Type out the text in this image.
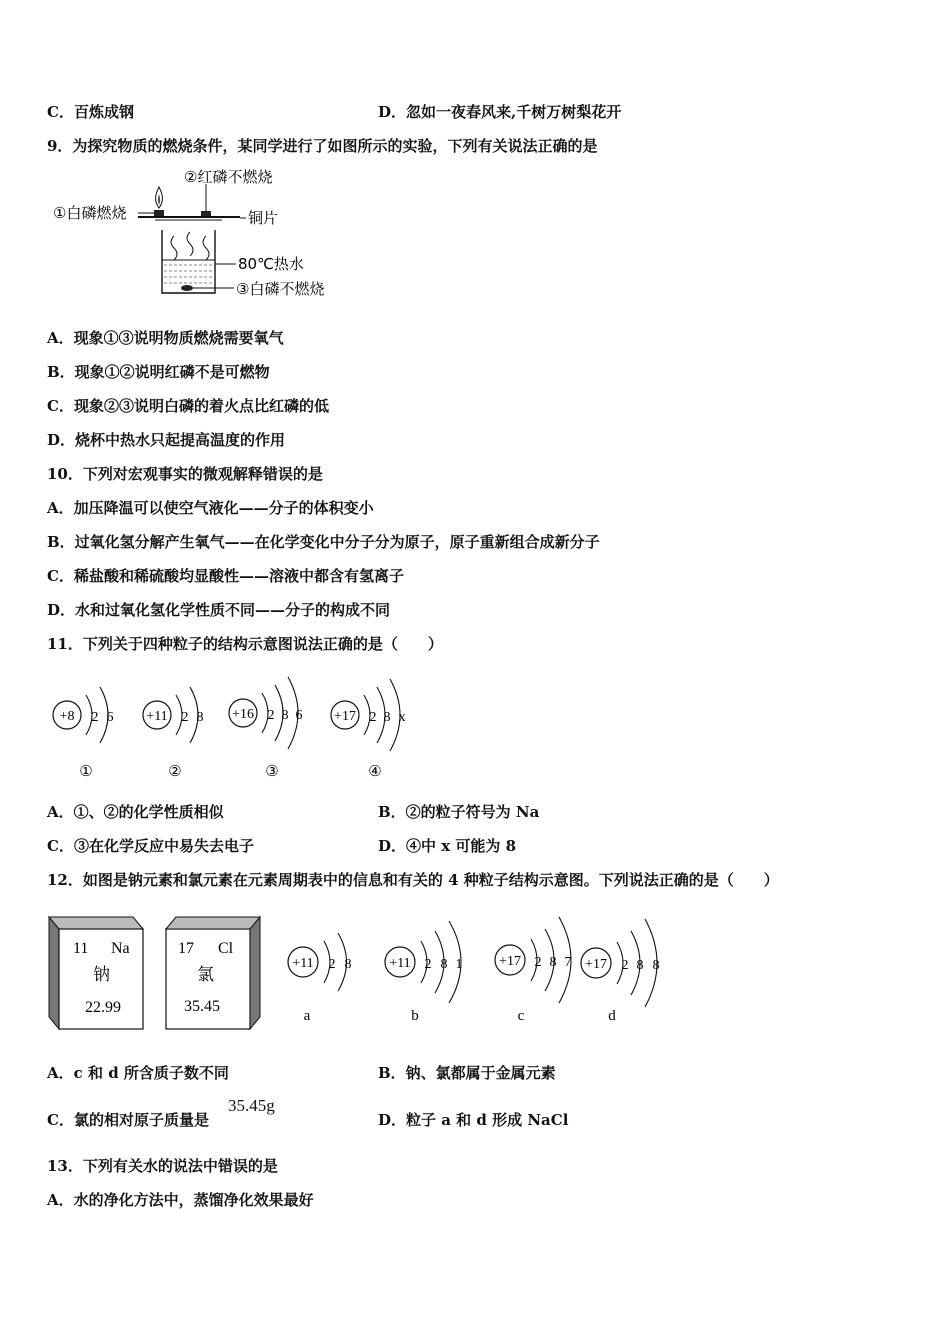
C．百炼成钢	D．忽如一夜春风来,千树万树梨花开
9．为探究物质的燃烧条件，某同学进行了如图所示的实验，下列有关说法正确的是
①白磷燃烧
②红磷不燃烧
铜片
80℃热水
③白磷不燃烧
A．现象①③说明物质燃烧需要氧气
B．现象①②说明红磷不是可燃物
C．现象②③说明白磷的着火点比红磷的低
D．烧杯中热水只起提高温度的作用
10．下列对宏观事实的微观解释错误的是
A．加压降温可以使空气液化——分子的体积变小
B．过氧化氢分解产生氧气——在化学变化中分子分为原子，原子重新组合成新分子
C．稀盐酸和稀硫酸均显酸性——溶液中都含有氢离子
D．水和过氧化氢化学性质不同——分子的构成不同
11．下列关于四种粒子的结构示意图说法正确的是（　　）
+8 2 6
①
+11 2 8
②
+16 2 8 6
③
+17 2 8 x
④
A．①、②的化学性质相似	B．②的粒子符号为 Na
C．③在化学反应中易失去电子	D．④中 x 可能为 8
12．如图是钠元素和氯元素在元素周期表中的信息和有关的 4 种粒子结构示意图。下列说法正确的是（　　）
11 Na
钠
22.99
17 Cl
氯
35.45
+11 2 8
a
+11 2 8 1
b
+17 2 8 7
c
+17 2 8 8
d
A．c 和 d 所含质子数不同	B．钠、氯都属于金属元素
C．氯的相对原子质量是
35.45g
D．粒子 a 和 d 形成 NaCl
13．下列有关水的说法中错误的是
A．水的净化方法中，蒸馏净化效果最好
